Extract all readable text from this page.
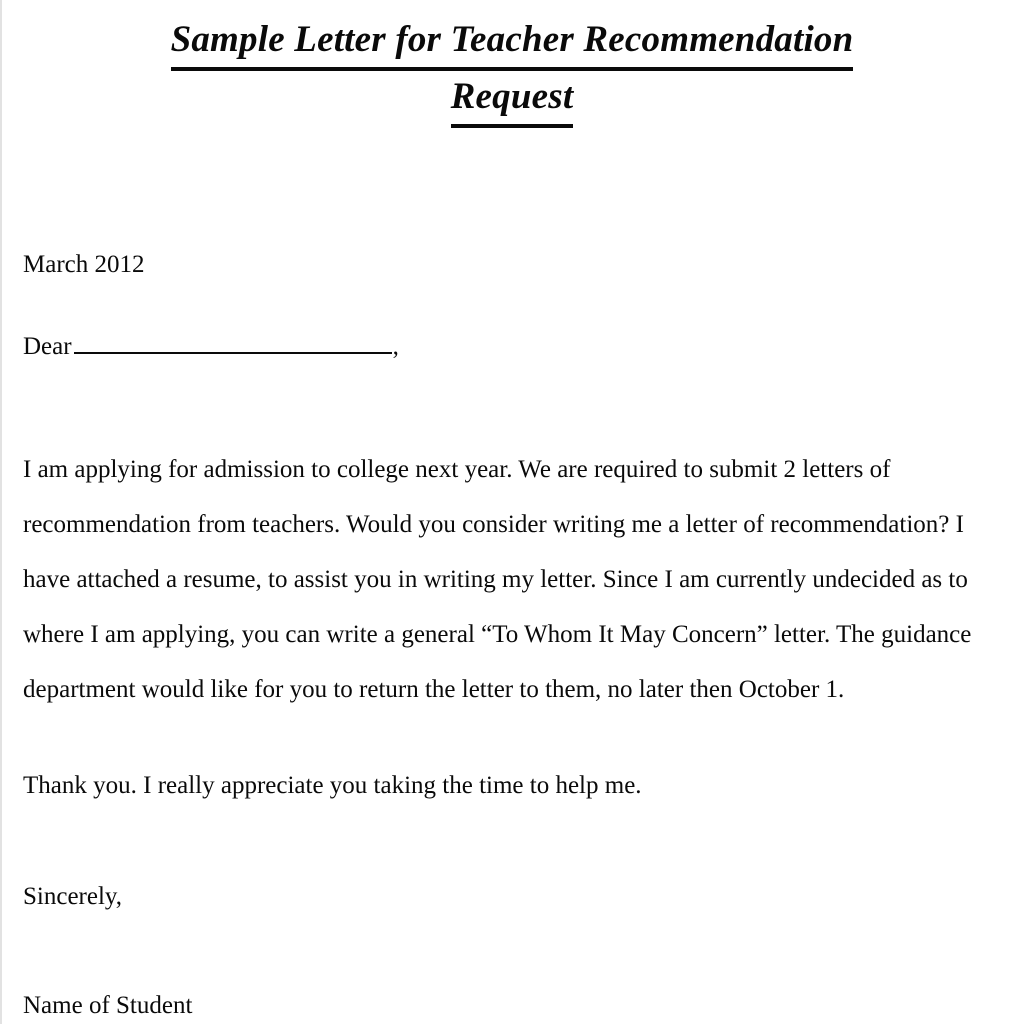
Sample Letter for Teacher Recommendation
Request
March 2012
Dear	,
I am applying for admission to college next year. We are required to submit 2 letters of
recommendation from teachers. Would you consider writing me a letter of recommendation? I
have attached a resume, to assist you in writing my letter. Since I am currently undecided as to
where I am applying, you can write a general “To Whom It May Concern” letter. The guidance
department would like for you to return the letter to them, no later then October 1.
Thank you. I really appreciate you taking the time to help me.
Sincerely,
Name of Student
